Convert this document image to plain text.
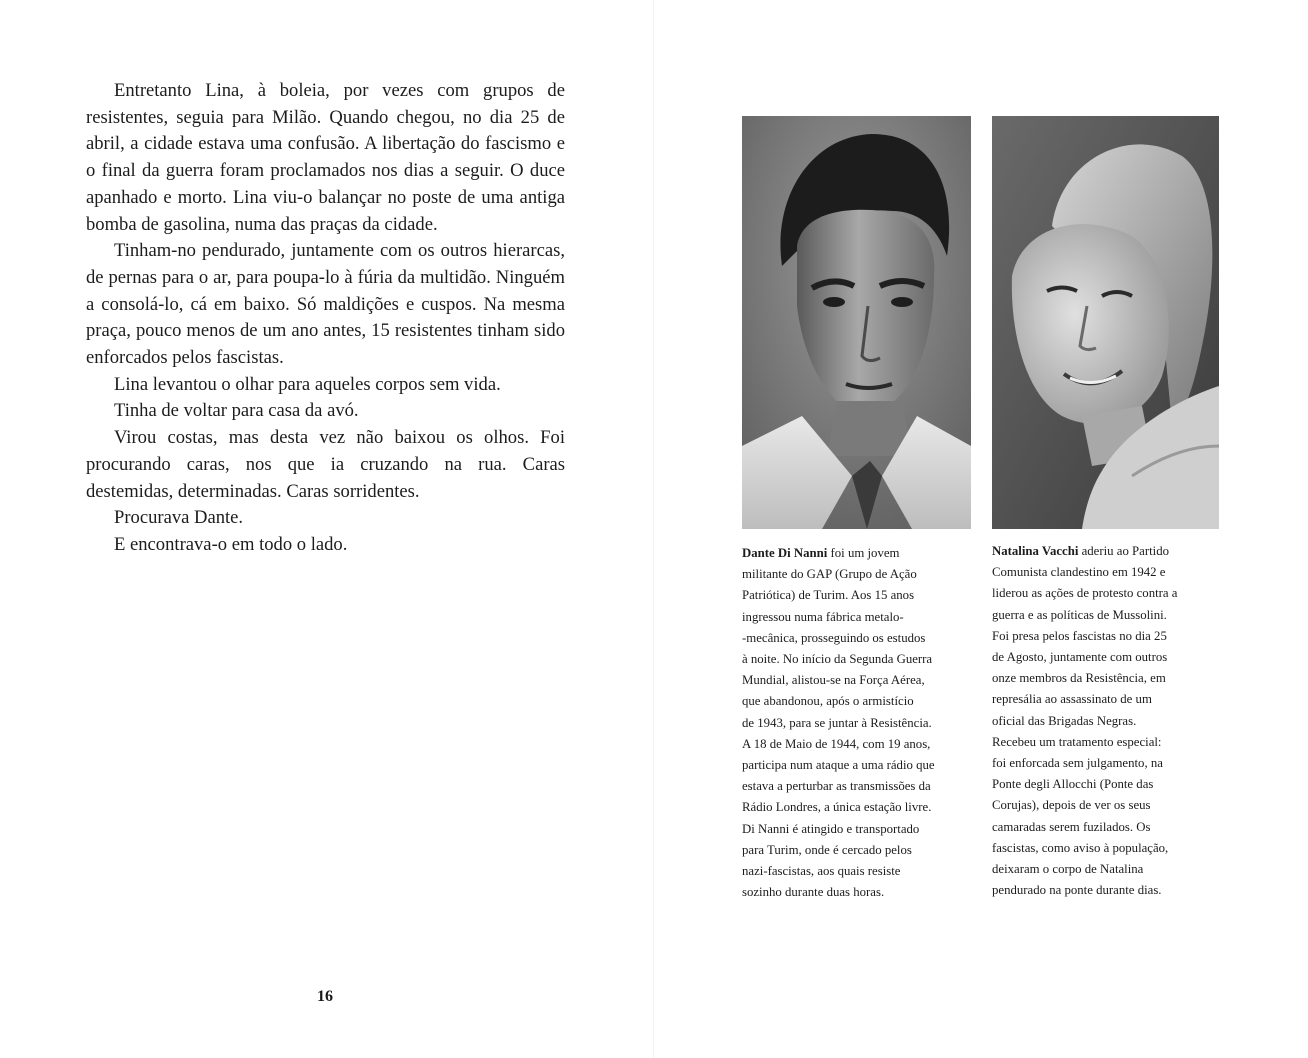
Entretanto Lina, à boleia, por vezes com grupos de resistentes, seguia para Milão. Quando chegou, no dia 25 de abril, a cidade estava uma confusão. A libertação do fascismo e o final da guerra foram proclamados nos dias a seguir. O duce apanhado e morto. Lina viu-o balançar no poste de uma antiga bomba de gasolina, numa das praças da cidade.

Tinham-no pendurado, juntamente com os outros hierarcas, de pernas para o ar, para poupa-lo à fúria da multidão. Ninguém a consolá-lo, cá em baixo. Só maldições e cuspos. Na mesma praça, pouco menos de um ano antes, 15 resistentes tinham sido enforcados pelos fascistas.

Lina levantou o olhar para aqueles corpos sem vida.

Tinha de voltar para casa da avó.

Virou costas, mas desta vez não baixou os olhos. Foi procurando caras, nos que ia cruzando na rua. Caras destemidas, determinadas. Caras sorridentes.

Procurava Dante.

E encontrava-o em todo o lado.

16
Dante Di Nanni foi um jovem
militante do GAP (Grupo de Ação
Patriótica) de Turim. Aos 15 anos
ingressou numa fábrica metalo-
-mecânica, prosseguindo os estudos
à noite. No início da Segunda Guerra
Mundial, alistou-se na Força Aérea,
que abandonou, após o armistício
de 1943, para se juntar à Resistência.
A 18 de Maio de 1944, com 19 anos,
participa num ataque a uma rádio que
estava a perturbar as transmissões da
Rádio Londres, a única estação livre.
Di Nanni é atingido e transportado
para Turim, onde é cercado pelos
nazi-fascistas, aos quais resiste
sozinho durante duas horas.
Natalina Vacchi aderiu ao Partido
Comunista clandestino em 1942 e
liderou as ações de protesto contra a
guerra e as políticas de Mussolini.
Foi presa pelos fascistas no dia 25
de Agosto, juntamente com outros
onze membros da Resistência, em
represália ao assassinato de um
oficial das Brigadas Negras.
Recebeu um tratamento especial:
foi enforcada sem julgamento, na
Ponte degli Allocchi (Ponte das
Corujas), depois de ver os seus
camaradas serem fuzilados. Os
fascistas, como aviso à população,
deixaram o corpo de Natalina
pendurado na ponte durante dias.
